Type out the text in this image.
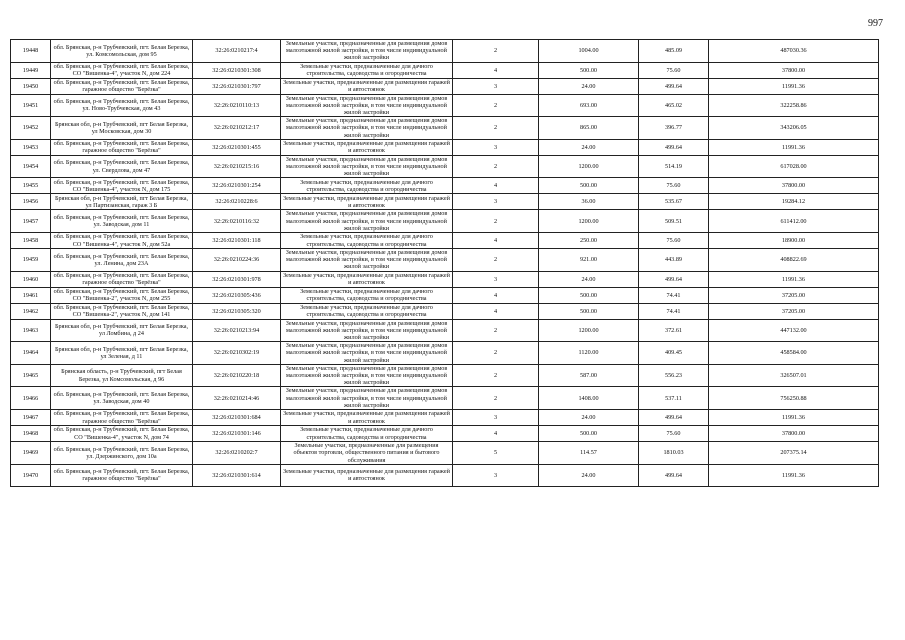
997
19448	обл. Брянская, р-н Трубчевский, пгт. Белая Березка, ул. Комсомольская, дом 95	32:26:0210217:4	Земельные участки, предназначенные для размещения домов малоэтажной жилой застройки, в том числе индивидуальной жилой застройки	2	1004.00	485.09	487030.36
19449	обл. Брянская, р-н Трубчевский, пгт. Белая Березка, СО "Вишенка-4", участок N, дом 224	32:26:0210301:308	Земельные участки, предназначенные для дачного строительства, садоводства и огородничества	4	500.00	75.60	37800.00
19450	обл. Брянская, р-н Трубчевский, пгт. Белая Березка, гаражное общество "Берёзка"	32:26:0210301:797	Земельные участки, предназначенные для размещения гаражей и автостоянок	3	24.00	499.64	11991.36
19451	обл. Брянская, р-н Трубчевский, пгт. Белая Березка, ул. Ново-Трубчевская, дом 43	32:26:0210110:13	Земельные участки, предназначенные для размещения домов малоэтажной жилой застройки, в том числе индивидуальной жилой застройки	2	693.00	465.02	322258.86
19452	Брянская обл, р-н Трубчевский, пгт Белая Березка, ул Московская, дом 30	32:26:0210212:17	Земельные участки, предназначенные для размещения домов малоэтажной жилой застройки, в том числе индивидуальной жилой застройки	2	865.00	396.77	343206.05
19453	обл. Брянская, р-н Трубчевский, пгт. Белая Березка, гаражное общество "Берёзка"	32:26:0210301:455	Земельные участки, предназначенные для размещения гаражей и автостоянок	3	24.00	499.64	11991.36
19454	обл. Брянская, р-н Трубчевский, пгт. Белая Березка, ул. Свердлова, дом 47	32:26:0210215:16	Земельные участки, предназначенные для размещения домов малоэтажной жилой застройки, в том числе индивидуальной жилой застройки	2	1200.00	514.19	617028.00
19455	обл. Брянская, р-н Трубчевский, пгт. Белая Березка, СО "Вишенка-4", участок N, дом 175	32:26:0210301:254	Земельные участки, предназначенные для дачного строительства, садоводства и огородничества	4	500.00	75.60	37800.00
19456	Брянская обл, р-н Трубчевский, пгт Белая Березка, ул Партизанская, гараж 3 Б	32:26:0210228:6	Земельные участки, предназначенные для размещения гаражей и автостоянок	3	36.00	535.67	19284.12
19457	обл. Брянская, р-н Трубчевский, пгт. Белая Березка, ул. Заводская, дом 11	32:26:0210116:32	Земельные участки, предназначенные для размещения домов малоэтажной жилой застройки, в том числе индивидуальной жилой застройки	2	1200.00	509.51	611412.00
19458	обл. Брянская, р-н Трубчевский, пгт. Белая Березка, СО "Вишенка-4", участок N, дом 52а	32:26:0210301:118	Земельные участки, предназначенные для дачного строительства, садоводства и огородничества	4	250.00	75.60	18900.00
19459	обл. Брянская, р-н Трубчевский, пгт. Белая Березка, ул. Ленина, дом 23А	32:26:0210224:36	Земельные участки, предназначенные для размещения домов малоэтажной жилой застройки, в том числе индивидуальной жилой застройки	2	921.00	443.89	408822.69
19460	обл. Брянская, р-н Трубчевский, пгт. Белая Березка, гаражное общество "Берёзка"	32:26:0210301:978	Земельные участки, предназначенные для размещения гаражей и автостоянок	3	24.00	499.64	11991.36
19461	обл. Брянская, р-н Трубчевский, пгт. Белая Березка, СО "Вишенка-2", участок N, дом 255	32:26:0210305:436	Земельные участки, предназначенные для дачного строительства, садоводства и огородничества	4	500.00	74.41	37205.00
19462	обл. Брянская, р-н Трубчевский, пгт. Белая Березка, СО "Вишенка-2", участок N, дом 141	32:26:0210305:320	Земельные участки, предназначенные для дачного строительства, садоводства и огородничества	4	500.00	74.41	37205.00
19463	Брянская обл, р-н Трубчевский, пгт Белая Березка, ул Ломбина, д 24	32:26:0210213:94	Земельные участки, предназначенные для размещения домов малоэтажной жилой застройки, в том числе индивидуальной жилой застройки	2	1200.00	372.61	447132.00
19464	Брянская обл, р-н Трубчевский, пгт Белая Березка, ул Зеленая, д 11	32:26:0210302:19	Земельные участки, предназначенные для размещения домов малоэтажной жилой застройки, в том числе индивидуальной жилой застройки	2	1120.00	409.45	458584.00
19465	Брянская область, р-н Трубчевский, пгт Белая Березка, ул Комсомольская, д 96	32:26:0210220:18	Земельные участки, предназначенные для размещения домов малоэтажной жилой застройки, в том числе индивидуальной жилой застройки	2	587.00	556.23	326507.01
19466	обл. Брянская, р-н Трубчевский, пгт. Белая Березка, ул. Заводская, дом 40	32:26:0210214:46	Земельные участки, предназначенные для размещения домов малоэтажной жилой застройки, в том числе индивидуальной жилой застройки	2	1408.00	537.11	756250.88
19467	обл. Брянская, р-н Трубчевский, пгт. Белая Березка, гаражное общество "Берёзка"	32:26:0210301:684	Земельные участки, предназначенные для размещения гаражей и автостоянок	3	24.00	499.64	11991.36
19468	обл. Брянская, р-н Трубчевский, пгт. Белая Березка, СО "Вишенка-4", участок N, дом 74	32:26:0210301:146	Земельные участки, предназначенные для дачного строительства, садоводства и огородничества	4	500.00	75.60	37800.00
19469	обл. Брянская, р-н Трубчевский, пгт. Белая Березка, ул. Дзержинского, дом 10а	32:26:0210202:7	Земельные участки, предназначенные для размещения объектов торговли, общественного питания и бытового обслуживания	5	114.57	1810.03	207375.14
19470	обл. Брянская, р-н Трубчевский, пгт. Белая Березка, гаражное общество "Берёзка"	32:26:0210301:614	Земельные участки, предназначенные для размещения гаражей и автостоянок	3	24.00	499.64	11991.36
